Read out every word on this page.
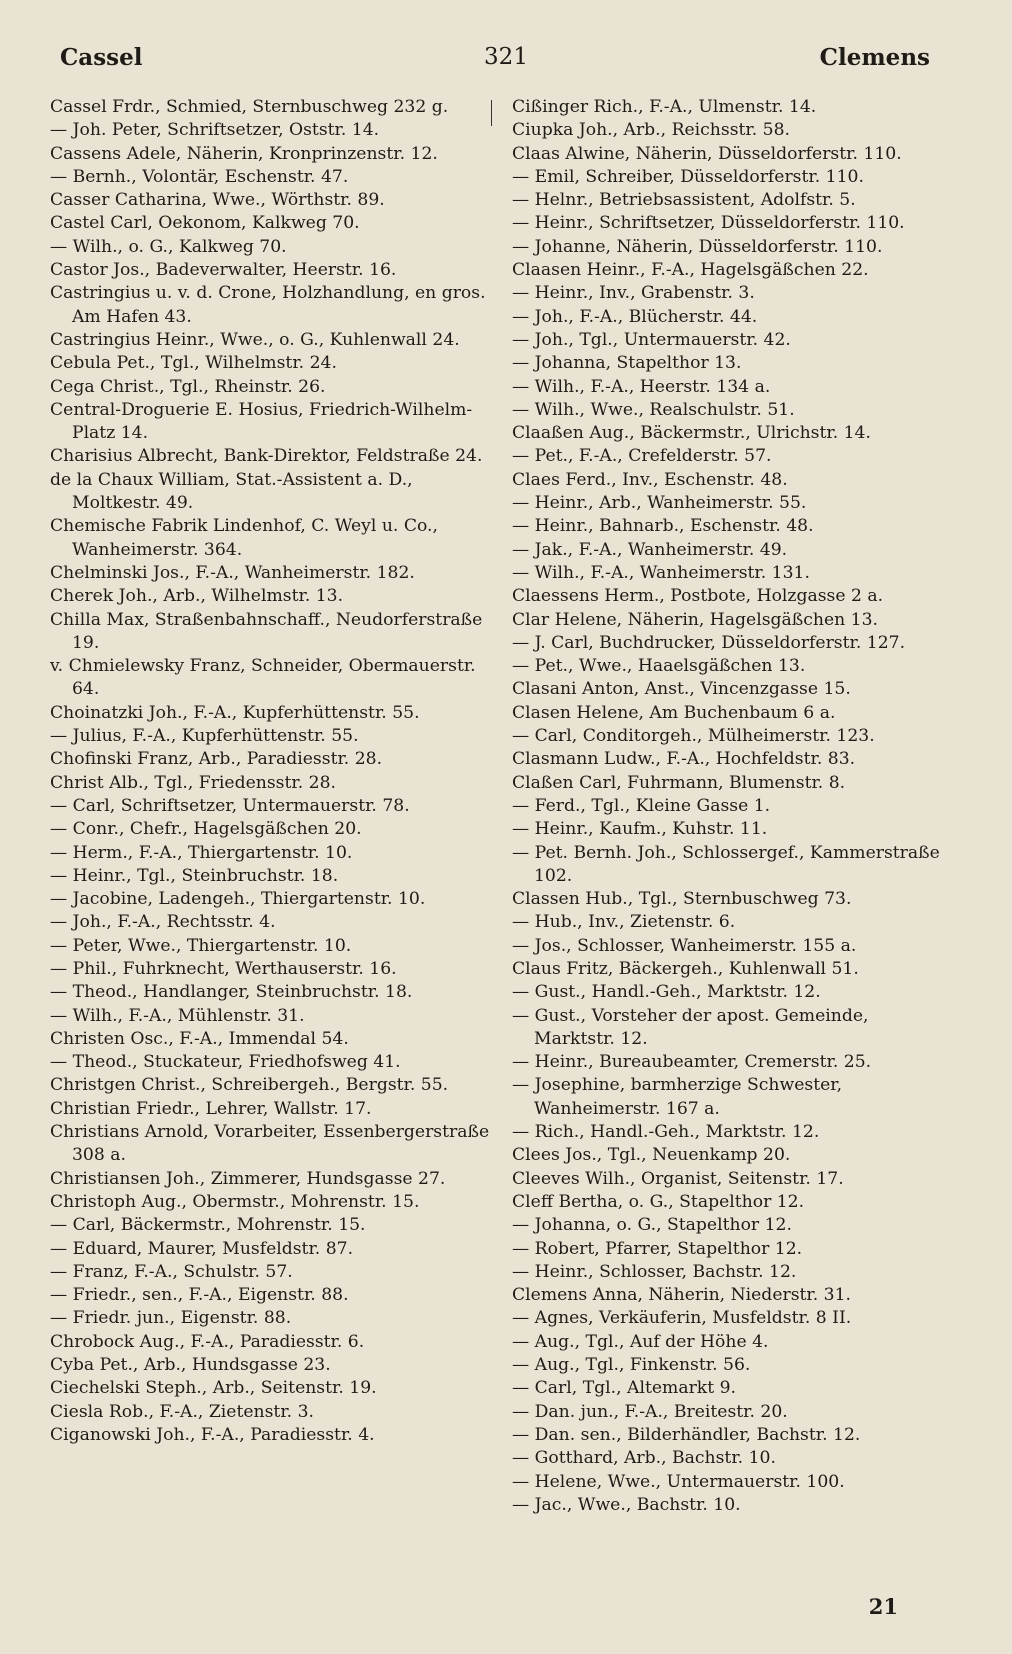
Cassel	321	Clemens
Cassel Frdr., Schmied, Sternbuschweg 232 g.
— Joh. Peter, Schriftsetzer, Oststr. 14.
Cassens Adele, Näherin, Kronprinzenstr. 12.
— Bernh., Volontär, Eschenstr. 47.
Casser Catharina, Wwe., Wörthstr. 89.
Castel Carl, Oekonom, Kalkweg 70.
— Wilh., o. G., Kalkweg 70.
Castor Jos., Badeverwalter, Heerstr. 16.
Castringius u. v. d. Crone, Holzhandlung, en gros. Am Hafen 43.
Castringius Heinr., Wwe., o. G., Kuhlenwall 24.
Cebula Pet., Tgl., Wilhelmstr. 24.
Cega Christ., Tgl., Rheinstr. 26.
Central-Droguerie E. Hosius, Friedrich-Wilhelm-Platz 14.
Charisius Albrecht, Bank-Direktor, Feldstraße 24.
de la Chaux William, Stat.-Assistent a. D., Moltkestr. 49.
Chemische Fabrik Lindenhof, C. Weyl u. Co., Wanheimerstr. 364.
Chelminski Jos., F.-A., Wanheimerstr. 182.
Cherek Joh., Arb., Wilhelmstr. 13.
Chilla Max, Straßenbahnschaff., Neudorferstraße 19.
v. Chmielewsky Franz, Schneider, Obermauerstr. 64.
Choinatzki Joh., F.-A., Kupferhüttenstr. 55.
— Julius, F.-A., Kupferhüttenstr. 55.
Chofinski Franz, Arb., Paradiesstr. 28.
Christ Alb., Tgl., Friedensstr. 28.
— Carl, Schriftsetzer, Untermauerstr. 78.
— Conr., Chefr., Hagelsgäßchen 20.
— Herm., F.-A., Thiergartenstr. 10.
— Heinr., Tgl., Steinbruchstr. 18.
— Jacobine, Ladengeh., Thiergartenstr. 10.
— Joh., F.-A., Rechtsstr. 4.
— Peter, Wwe., Thiergartenstr. 10.
— Phil., Fuhrknecht, Werthauserstr. 16.
— Theod., Handlanger, Steinbruchstr. 18.
— Wilh., F.-A., Mühlenstr. 31.
Christen Osc., F.-A., Immendal 54.
— Theod., Stuckateur, Friedhofsweg 41.
Christgen Christ., Schreibergeh., Bergstr. 55.
Christian Friedr., Lehrer, Wallstr. 17.
Christians Arnold, Vorarbeiter, Essenbergerstraße 308 a.
Christiansen Joh., Zimmerer, Hundsgasse 27.
Christoph Aug., Obermstr., Mohrenstr. 15.
— Carl, Bäckermstr., Mohrenstr. 15.
— Eduard, Maurer, Musfeldstr. 87.
— Franz, F.-A., Schulstr. 57.
— Friedr., sen., F.-A., Eigenstr. 88.
— Friedr. jun., Eigenstr. 88.
Chrobock Aug., F.-A., Paradiesstr. 6.
Cyba Pet., Arb., Hundsgasse 23.
Ciechelski Steph., Arb., Seitenstr. 19.
Ciesla Rob., F.-A., Zietenstr. 3.
Ciganowski Joh., F.-A., Paradiesstr. 4.
Cißinger Rich., F.-A., Ulmenstr. 14.
Ciupka Joh., Arb., Reichsstr. 58.
Claas Alwine, Näherin, Düsseldorferstr. 110.
— Emil, Schreiber, Düsseldorferstr. 110.
— Helnr., Betriebsassistent, Adolfstr. 5.
— Heinr., Schriftsetzer, Düsseldorferstr. 110.
— Johanne, Näherin, Düsseldorferstr. 110.
Claasen Heinr., F.-A., Hagelsgäßchen 22.
— Heinr., Inv., Grabenstr. 3.
— Joh., F.-A., Blücherstr. 44.
— Joh., Tgl., Untermauerstr. 42.
— Johanna, Stapelthor 13.
— Wilh., F.-A., Heerstr. 134 a.
— Wilh., Wwe., Realschulstr. 51.
Claaßen Aug., Bäckermstr., Ulrichstr. 14.
— Pet., F.-A., Crefelderstr. 57.
Claes Ferd., Inv., Eschenstr. 48.
— Heinr., Arb., Wanheimerstr. 55.
— Heinr., Bahnarb., Eschenstr. 48.
— Jak., F.-A., Wanheimerstr. 49.
— Wilh., F.-A., Wanheimerstr. 131.
Claessens Herm., Postbote, Holzgasse 2 a.
Clar Helene, Näherin, Hagelsgäßchen 13.
— J. Carl, Buchdrucker, Düsseldorferstr. 127.
— Pet., Wwe., Haaelsgäßchen 13.
Clasani Anton, Anst., Vincenzgasse 15.
Clasen Helene, Am Buchenbaum 6 a.
— Carl, Conditorgeh., Mülheimerstr. 123.
Clasmann Ludw., F.-A., Hochfeldstr. 83.
Claßen Carl, Fuhrmann, Blumenstr. 8.
— Ferd., Tgl., Kleine Gasse 1.
— Heinr., Kaufm., Kuhstr. 11.
— Pet. Bernh. Joh., Schlossergef., Kammerstraße 102.
Classen Hub., Tgl., Sternbuschweg 73.
— Hub., Inv., Zietenstr. 6.
— Jos., Schlosser, Wanheimerstr. 155 a.
Claus Fritz, Bäckergeh., Kuhlenwall 51.
— Gust., Handl.-Geh., Marktstr. 12.
— Gust., Vorsteher der apost. Gemeinde, Marktstr. 12.
— Heinr., Bureaubeamter, Cremerstr. 25.
— Josephine, barmherzige Schwester, Wanheimerstr. 167 a.
— Rich., Handl.-Geh., Marktstr. 12.
Clees Jos., Tgl., Neuenkamp 20.
Cleeves Wilh., Organist, Seitenstr. 17.
Cleff Bertha, o. G., Stapelthor 12.
— Johanna, o. G., Stapelthor 12.
— Robert, Pfarrer, Stapelthor 12.
— Heinr., Schlosser, Bachstr. 12.
Clemens Anna, Näherin, Niederstr. 31.
— Agnes, Verkäuferin, Musfeldstr. 8 II.
— Aug., Tgl., Auf der Höhe 4.
— Aug., Tgl., Finkenstr. 56.
— Carl, Tgl., Altemarkt 9.
— Dan. jun., F.-A., Breitestr. 20.
— Dan. sen., Bilderhändler, Bachstr. 12.
— Gotthard, Arb., Bachstr. 10.
— Helene, Wwe., Untermauerstr. 100.
— Jac., Wwe., Bachstr. 10.
21
